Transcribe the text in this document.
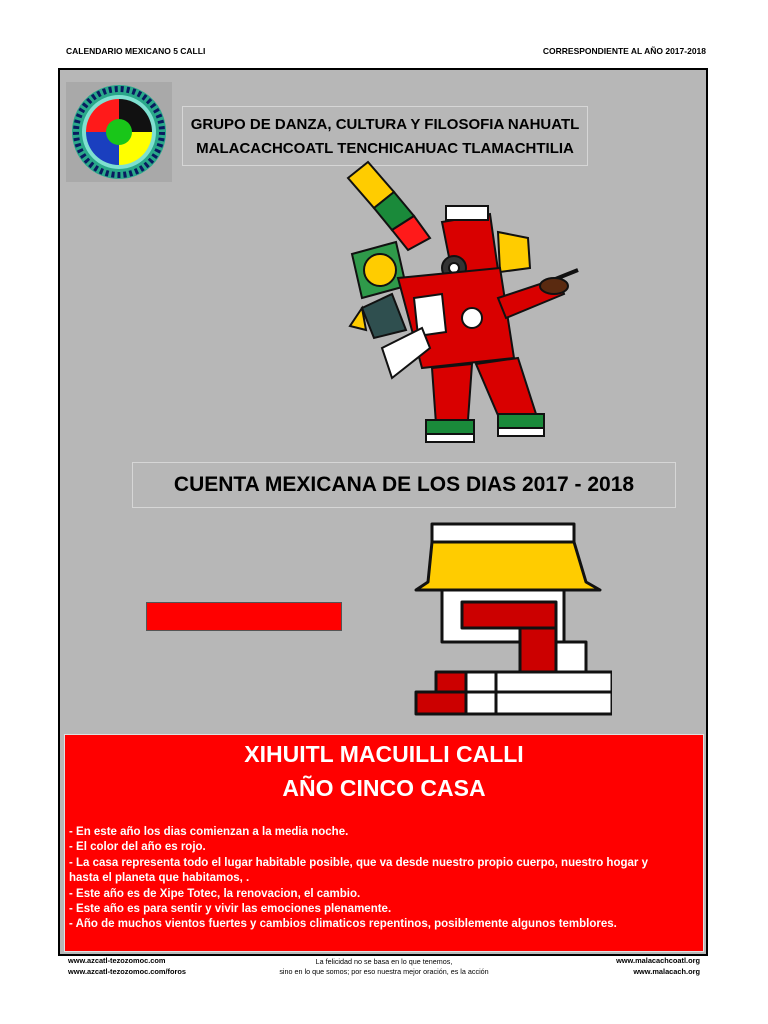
CALENDARIO MEXICANO 5 CALLI	CORRESPONDIENTE AL AÑO 2017-2018
GRUPO DE DANZA, CULTURA Y FILOSOFIA NAHUATL
MALACACHCOATL TENCHICAHUAC TLAMACHTILIA
CUENTA MEXICANA DE LOS DIAS 2017 - 2018
XIHUITL MACUILLI CALLI
AÑO CINCO CASA
- En este año los dias comienzan a la media noche.
- El color del año es rojo.
- La casa representa todo el lugar habitable posible, que va desde nuestro propio cuerpo, nuestro hogar y
hasta el planeta que habitamos, .
- Este año es de Xipe Totec, la renovacion, el cambio.
- Este año es para sentir y vivir las emociones plenamente.
- Año de muchos vientos fuertes y cambios climaticos repentinos, posiblemente algunos temblores.
www.azcatl-tezozomoc.com
www.azcatl-tezozomoc.com/foros
La felicidad no se basa en lo que tenemos,
sino en lo que somos; por eso nuestra mejor oración, es la acción
www.malacachcoatl.org
www.malacach.org
